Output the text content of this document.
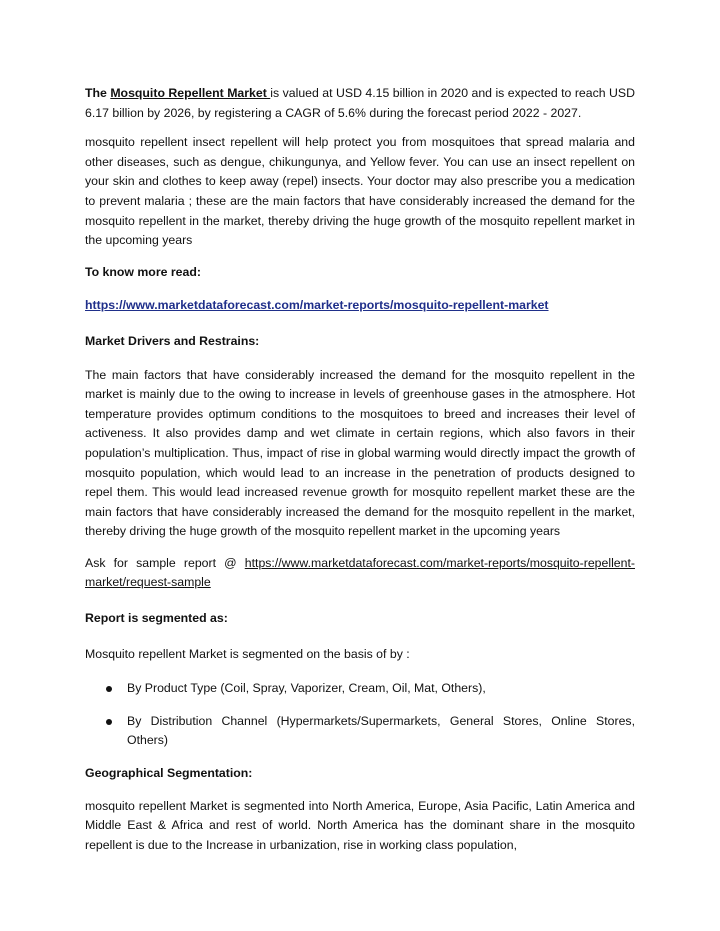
The Mosquito Repellent Market is valued at USD 4.15 billion in 2020 and is expected to reach USD 6.17 billion by 2026, by registering a CAGR of 5.6% during the forecast period 2022 - 2027.

mosquito repellent insect repellent will help protect you from mosquitoes that spread malaria and other diseases, such as dengue, chikungunya, and Yellow fever. You can use an insect repellent on your skin and clothes to keep away (repel) insects. Your doctor may also prescribe you a medication to prevent malaria ; these are the main factors that have considerably increased the demand for the mosquito repellent in the market, thereby driving the huge growth of the mosquito repellent market in the upcoming years

To know more read:

https://www.marketdataforecast.com/market-reports/mosquito-repellent-market

Market Drivers and Restrains:

The main factors that have considerably increased the demand for the mosquito repellent in the market is mainly due to the owing to increase in levels of greenhouse gases in the atmosphere. Hot temperature provides optimum conditions to the mosquitoes to breed and increases their level of activeness. It also provides damp and wet climate in certain regions, which also favors in their population’s multiplication. Thus, impact of rise in global warming would directly impact the growth of mosquito population, which would lead to an increase in the penetration of products designed to repel them. This would lead increased revenue growth for mosquito repellent market these are the main factors that have considerably increased the demand for the mosquito repellent in the market, thereby driving the huge growth of the mosquito repellent market in the upcoming years

Ask for sample report @ https://www.marketdataforecast.com/market-reports/mosquito-repellent-market/request-sample

Report is segmented as:

Mosquito repellent Market is segmented on the basis of by :

By Product Type (Coil, Spray, Vaporizer, Cream, Oil, Mat, Others),
By Distribution Channel (Hypermarkets/Supermarkets, General Stores, Online Stores, Others)

Geographical Segmentation:

mosquito repellent Market is segmented into North America, Europe, Asia Pacific, Latin America and Middle East & Africa and rest of world. North America has the dominant share in the mosquito repellent is due to the Increase in urbanization, rise in working class population,
